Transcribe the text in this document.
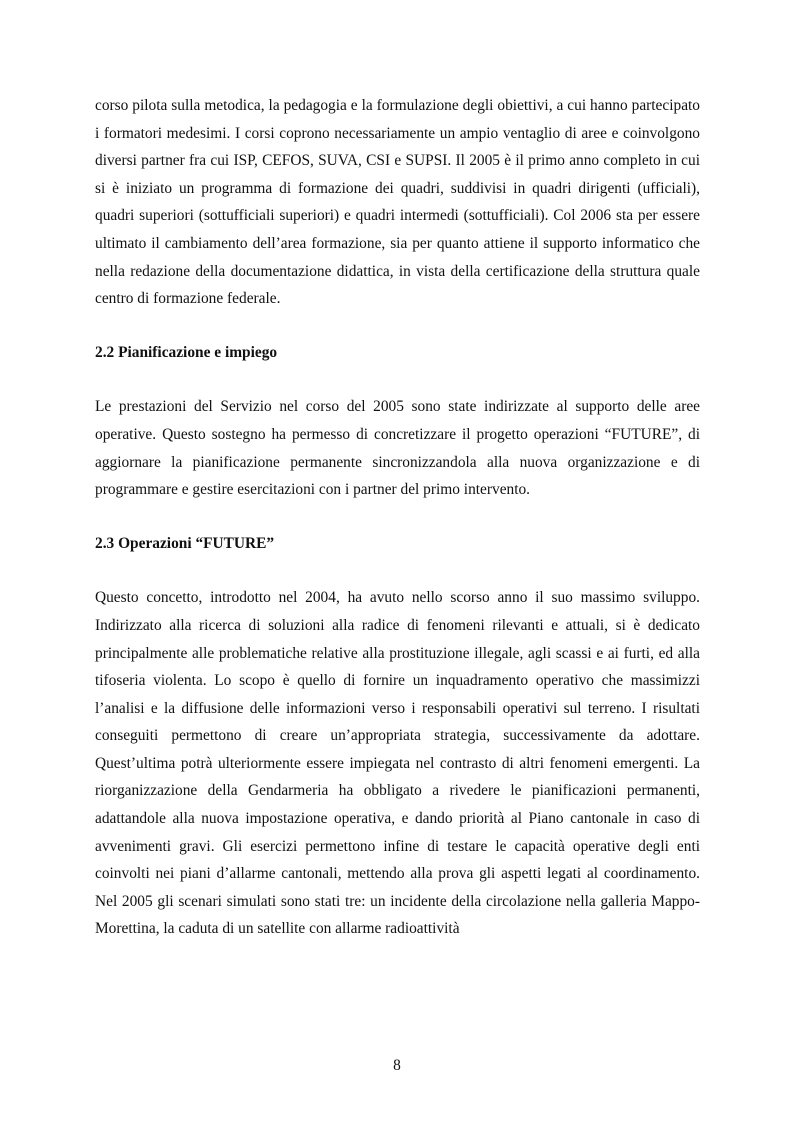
corso pilota sulla metodica, la pedagogia e la formulazione degli obiettivi, a cui hanno partecipato i formatori medesimi. I corsi coprono necessariamente un ampio ventaglio di aree e coinvolgono diversi partner fra cui ISP, CEFOS, SUVA, CSI e SUPSI. Il 2005 è il primo anno completo in cui si è iniziato un programma di formazione dei quadri, suddivisi in quadri dirigenti (ufficiali), quadri superiori (sottufficiali superiori) e quadri intermedi (sottufficiali). Col 2006 sta per essere ultimato il cambiamento dell’area formazione, sia per quanto attiene il supporto informatico che nella redazione della documentazione didattica, in vista della certificazione della struttura quale centro di formazione federale.

2.2 Pianificazione e impiego

Le prestazioni del Servizio nel corso del 2005 sono state indirizzate al supporto delle aree operative. Questo sostegno ha permesso di concretizzare il progetto operazioni “FUTURE”, di aggiornare la pianificazione permanente sincronizzandola alla nuova organizzazione e di programmare e gestire esercitazioni con i partner del primo intervento.

2.3 Operazioni “FUTURE”

Questo concetto, introdotto nel 2004, ha avuto nello scorso anno il suo massimo sviluppo. Indirizzato alla ricerca di soluzioni alla radice di fenomeni rilevanti e attuali, si è dedicato principalmente alle problematiche relative alla prostituzione illegale, agli scassi e ai furti, ed alla tifoseria violenta. Lo scopo è quello di fornire un inquadramento operativo che massimizzi l’analisi e la diffusione delle informazioni verso i responsabili operativi sul terreno. I risultati conseguiti permettono di creare un’appropriata strategia, successivamente da adottare. Quest’ultima potrà ulteriormente essere impiegata nel contrasto di altri fenomeni emergenti. La riorganizzazione della Gendarmeria ha obbligato a rivedere le pianificazioni permanenti, adattandole alla nuova impostazione operativa, e dando priorità al Piano cantonale in caso di avvenimenti gravi. Gli esercizi permettono infine di testare le capacità operative degli enti coinvolti nei piani d’allarme cantonali, mettendo alla prova gli aspetti legati al coordinamento. Nel 2005 gli scenari simulati sono stati tre: un incidente della circolazione nella galleria Mappo-Morettina, la caduta di un satellite con allarme radioattività

8
